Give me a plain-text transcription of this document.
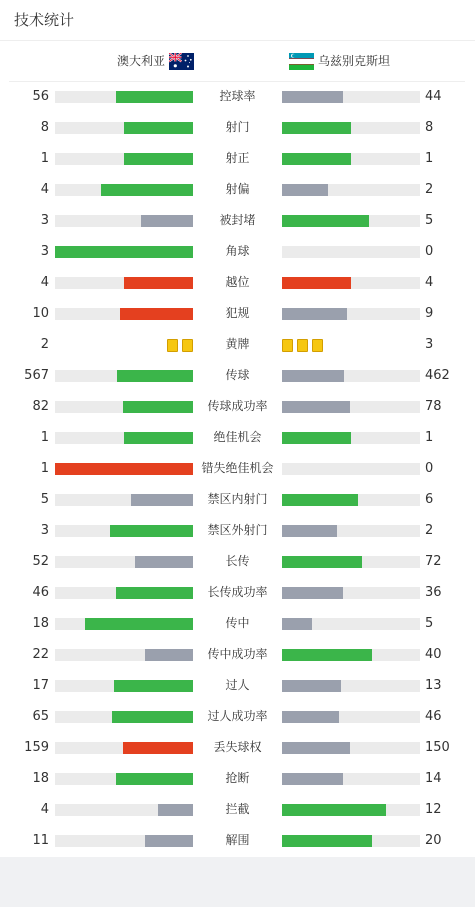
技术统计
澳大利亚	乌兹别克斯坦
56	控球率	44
8	射门	8
1	射正	1
4	射偏	2
3	被封堵	5
3	角球	0
4	越位	4
10	犯规	9
2	黄牌	3
567	传球	462
82	传球成功率	78
1	绝佳机会	1
1	错失绝佳机会	0
5	禁区内射门	6
3	禁区外射门	2
52	长传	72
46	长传成功率	36
18	传中	5
22	传中成功率	40
17	过人	13
65	过人成功率	46
159	丢失球权	150
18	抢断	14
4	拦截	12
11	解围	20
